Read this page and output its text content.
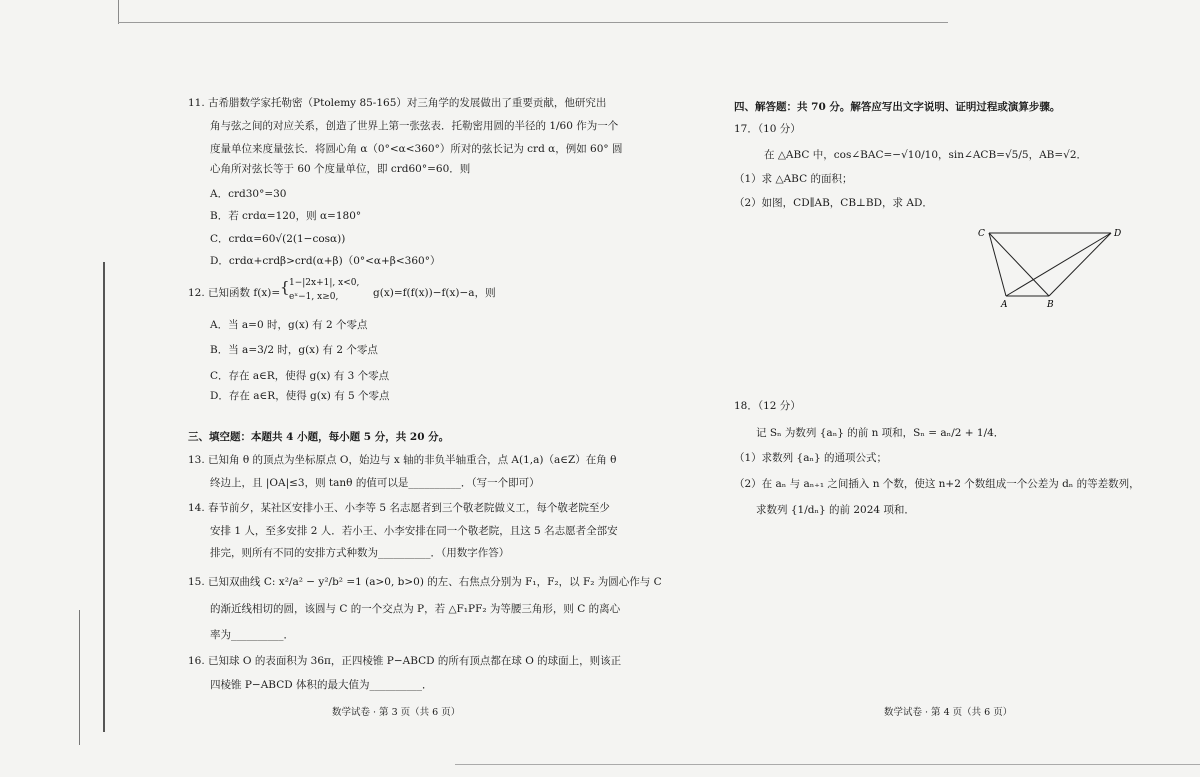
11. 古希腊数学家托勒密（Ptolemy 85-165）对三角学的发展做出了重要贡献，他研究出
角与弦之间的对应关系，创造了世界上第一张弦表．托勒密用圆的半径的 1/60 作为一个
度量单位来度量弦长．将圆心角 α（0°<α<360°）所对的弦长记为 crd α，例如 60° 圆
心角所对弦长等于 60 个度量单位，即 crd60°=60．则
A．crd30°=30
B．若 crdα=120，则 α=180°
C．crdα=60√(2(1−cosα))
D．crdα+crdβ>crd(α+β)（0°<α+β<360°）
12. 已知函数 f(x)= { 1−|2x+1|, x<0,
eˣ−1, x≥0,	g(x)=f(f(x))−f(x)−a，则
A．当 a=0 时，g(x) 有 2 个零点
B．当 a=3/2 时，g(x) 有 2 个零点
C．存在 a∈R，使得 g(x) 有 3 个零点
D．存在 a∈R，使得 g(x) 有 5 个零点
三、填空题：本题共 4 小题，每小题 5 分，共 20 分。
13. 已知角 θ 的顶点为坐标原点 O，始边与 x 轴的非负半轴重合，点 A(1,a)（a∈Z）在角 θ
终边上，且 |OA|≤3，则 tanθ 的值可以是__________．（写一个即可）
14. 春节前夕，某社区安排小王、小李等 5 名志愿者到三个敬老院做义工，每个敬老院至少
安排 1 人，至多安排 2 人．若小王、小李安排在同一个敬老院，且这 5 名志愿者全部安
排完，则所有不同的安排方式种数为__________．（用数字作答）
15. 已知双曲线 C: x²/a² − y²/b² =1 (a>0, b>0) 的左、右焦点分别为 F₁，F₂，以 F₂ 为圆心作与 C
的渐近线相切的圆，该圆与 C 的一个交点为 P，若 △F₁PF₂ 为等腰三角形，则 C 的离心
率为__________．
16. 已知球 O 的表面积为 36π，正四棱锥 P−ABCD 的所有顶点都在球 O 的球面上，则该正
四棱锥 P−ABCD 体积的最大值为__________．
数学试卷 · 第 3 页（共 6 页）
四、解答题：共 70 分。解答应写出文字说明、证明过程或演算步骤。
17．（10 分）
在 △ABC 中，cos∠BAC=−√10/10，sin∠ACB=√5/5，AB=√2．
（1）求 △ABC 的面积；
（2）如图，CD∥AB，CB⊥BD，求 AD．
18．（12 分）
记 Sₙ 为数列 {aₙ} 的前 n 项和，Sₙ = aₙ/2 + 1/4．
（1）求数列 {aₙ} 的通项公式；
（2）在 aₙ 与 aₙ₊₁ 之间插入 n 个数，使这 n+2 个数组成一个公差为 dₙ 的等差数列，
求数列 {1/dₙ} 的前 2024 项和．
C	D
A	B
数学试卷 · 第 4 页（共 6 页）
